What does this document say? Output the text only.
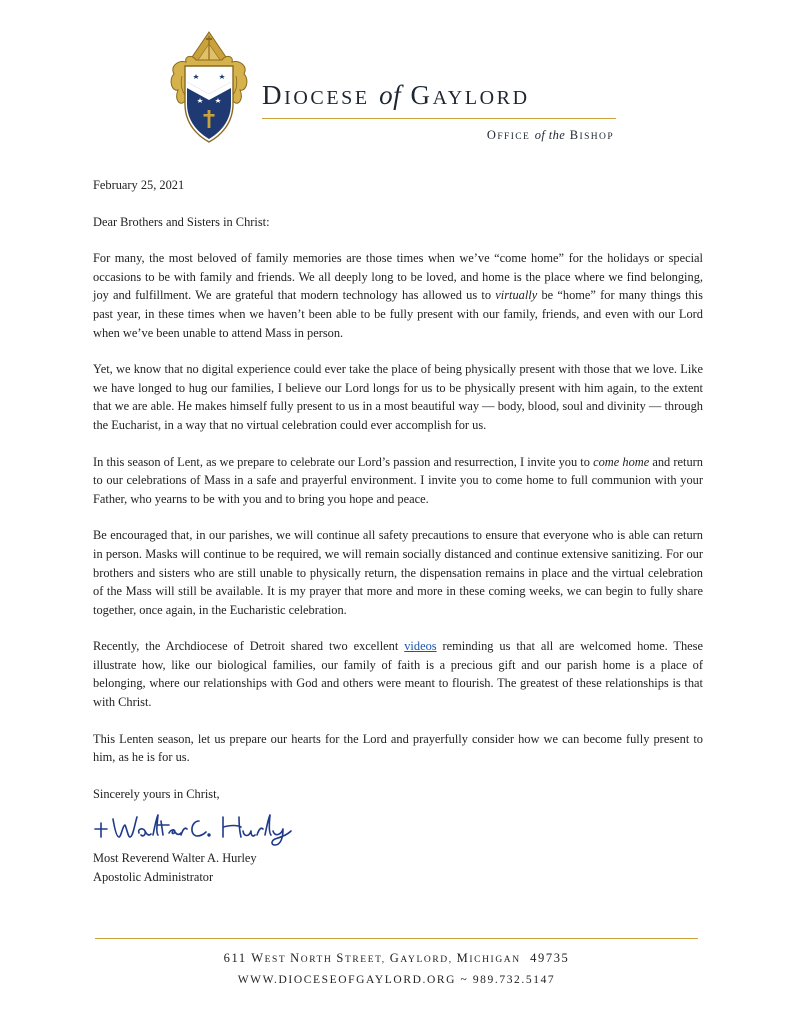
DIOCESE of GAYLORD

OFFICE of the BISHOP

February 25, 2021

Dear Brothers and Sisters in Christ:

For many, the most beloved of family memories are those times when we’ve “come home” for the holidays or special occasions to be with family and friends. We all deeply long to be loved, and home is the place where we find belonging, joy and fulfillment. We are grateful that modern technology has allowed us to virtually be “home” for many things this past year, in these times when we haven’t been able to be fully present with our family, friends, and even with our Lord when we’ve been unable to attend Mass in person.

Yet, we know that no digital experience could ever take the place of being physically present with those that we love. Like we have longed to hug our families, I believe our Lord longs for us to be physically present with him again, to the extent that we are able. He makes himself fully present to us in a most beautiful way — body, blood, soul and divinity — through the Eucharist, in a way that no virtual celebration could ever accomplish for us.

In this season of Lent, as we prepare to celebrate our Lord’s passion and resurrection, I invite you to come home and return to our celebrations of Mass in a safe and prayerful environment. I invite you to come home to full communion with your Father, who yearns to be with you and to bring you hope and peace.

Be encouraged that, in our parishes, we will continue all safety precautions to ensure that everyone who is able can return in person. Masks will continue to be required, we will remain socially distanced and continue extensive sanitizing. For our brothers and sisters who are still unable to physically return, the dispensation remains in place and the virtual celebration of the Mass will still be available. It is my prayer that more and more in these coming weeks, we can begin to fully share together, once again, in the Eucharistic celebration.

Recently, the Archdiocese of Detroit shared two excellent videos reminding us that all are welcomed home. These illustrate how, like our biological families, our family of faith is a precious gift and our parish home is a place of belonging, where our relationships with God and others were meant to flourish. The greatest of these relationships is that with Christ.

This Lenten season, let us prepare our hearts for the Lord and prayerfully consider how we can become fully present to him, as he is for us.

Sincerely yours in Christ,

Most Reverend Walter A. Hurley

Apostolic Administrator

611 WEST NORTH STREET, GAYLORD, MICHIGAN  49735

WWW.DIOCESEOFGAYLORD.ORG ~ 989.732.5147
